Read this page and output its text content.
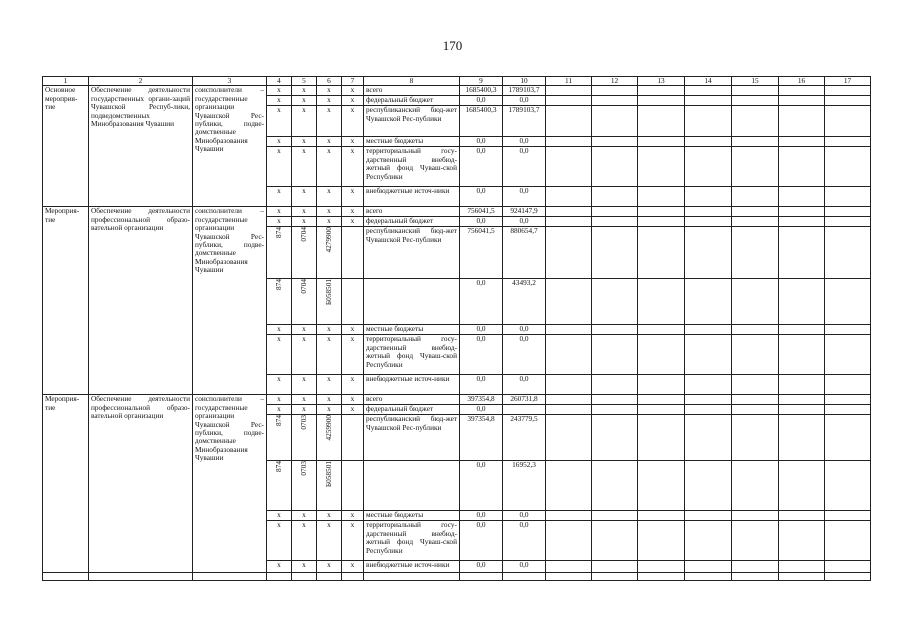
170
1	2	3	4	5	6	7	8	9	10	11	12	13	14	15	16	17
Основное мероприя-тие	Обеспечение деятельности государственных органи-заций Чувашской Респуб-лики, подведомственных Минобразования Чувашии	соисполнители – государственные организации Чувашской Рес-публики, подве-домственные Минобразования Чувашии	x	x	x	x	всего	1685400,3	1789103,7							
			x	x	x	x	федеральный бюджет	0,0	0,0							
			x	x	x	x	республиканский бюд-жет Чувашской Рес-публики	1685400,3	1789103,7							
			x	x	x	x	местные бюджеты	0,0	0,0							
			x	x	x	x	территориальный госу-дарственный внебюд-жетный фонд Чуваш-ской Республики	0,0	0,0							
			x	x	x	x	внебюджетные источ-ники	0,0	0,0							
Мероприя-тие	Обеспечение деятельности профессиональной образо-вательной организации	соисполнители – государственные организации Чувашской Рес-публики, подве-домственные Минобразования Чувашии	x	x	x	x	всего	756041,5	924147,9							
			x	x	x	x	федеральный бюджет	0,0	0,0							
			874	0704	4279900		республиканский бюд-жет Чувашской Рес-публики	756041,5	880654,7							
			874	0704	Б058501			0,0	43493,2							
			x	x	x	x	местные бюджеты	0,0	0,0							
			x	x	x	x	территориальный госу-дарственный внебюд-жетный фонд Чуваш-ской Республики	0,0	0,0							
			x	x	x	x	внебюджетные источ-ники	0,0	0,0							
Мероприя-тие	Обеспечение деятельности профессиональной образо-вательной организации	соисполнители – государственные организации Чувашской Рес-публики, подве-домственные Минобразования Чувашии	x	x	x	x	всего	397354,8	260731,8							
			x	x	x	x	федеральный бюджет	0,0								
			874	0703	4259900		республиканский бюд-жет Чувашской Рес-публики	397354,8	243779,5							
			874	0703	Б058501			0,0	16952,3							
			x	x	x	x	местные бюджеты	0,0	0,0							
			x	x	x	x	территориальный госу-дарственный внебюд-жетный фонд Чуваш-ской Республики	0,0	0,0							
			x	x	x	x	внебюджетные источ-ники	0,0	0,0							
